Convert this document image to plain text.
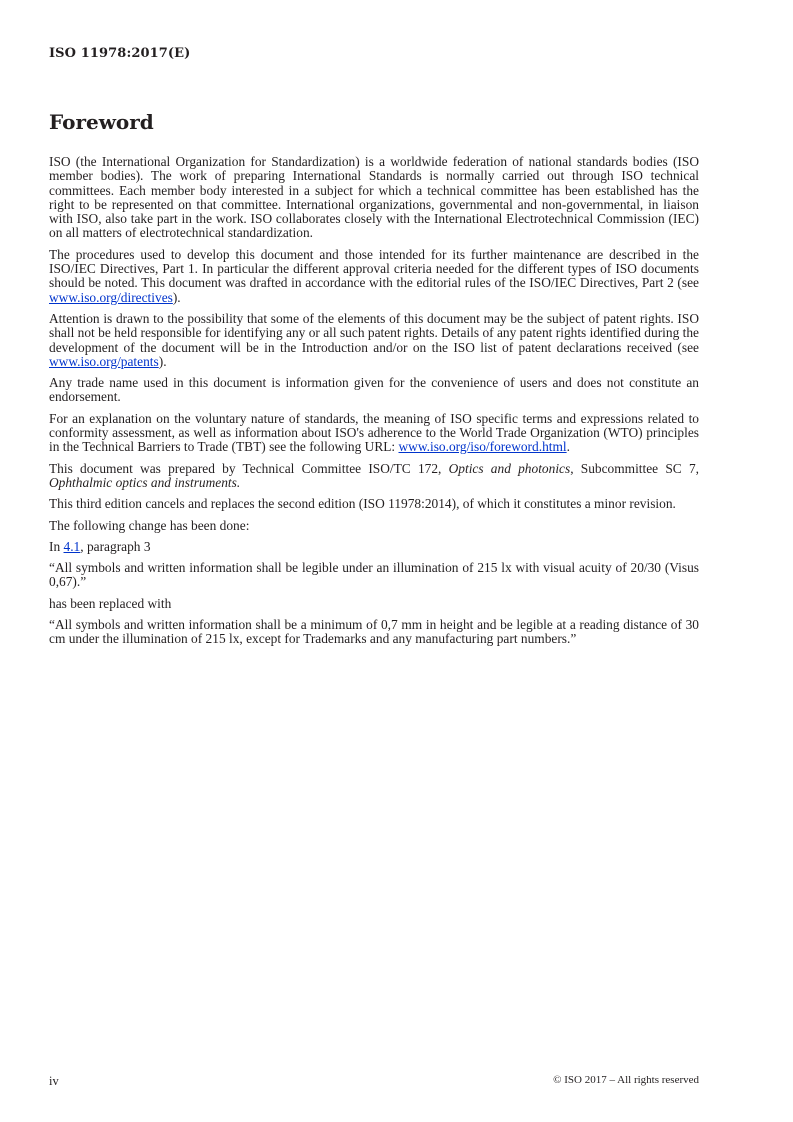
ISO 11978:2017(E)
Foreword

ISO (the International Organization for Standardization) is a worldwide federation of national standards bodies (ISO member bodies). The work of preparing International Standards is normally carried out through ISO technical committees. Each member body interested in a subject for which a technical committee has been established has the right to be represented on that committee. International organizations, governmental and non-governmental, in liaison with ISO, also take part in the work. ISO collaborates closely with the International Electrotechnical Commission (IEC) on all matters of electrotechnical standardization.

The procedures used to develop this document and those intended for its further maintenance are described in the ISO/IEC Directives, Part 1. In particular the different approval criteria needed for the different types of ISO documents should be noted. This document was drafted in accordance with the editorial rules of the ISO/IEC Directives, Part 2 (see www.iso.org/directives).

Attention is drawn to the possibility that some of the elements of this document may be the subject of patent rights. ISO shall not be held responsible for identifying any or all such patent rights. Details of any patent rights identified during the development of the document will be in the Introduction and/or on the ISO list of patent declarations received (see www.iso.org/patents).

Any trade name used in this document is information given for the convenience of users and does not constitute an endorsement.

For an explanation on the voluntary nature of standards, the meaning of ISO specific terms and expressions related to conformity assessment, as well as information about ISO's adherence to the World Trade Organization (WTO) principles in the Technical Barriers to Trade (TBT) see the following URL: www.iso.org/iso/foreword.html.

This document was prepared by Technical Committee ISO/TC 172, Optics and photonics, Subcommittee SC 7, Ophthalmic optics and instruments.

This third edition cancels and replaces the second edition (ISO 11978:2014), of which it constitutes a minor revision.

The following change has been done:

In 4.1, paragraph 3

“All symbols and written information shall be legible under an illumination of 215 lx with visual acuity of 20/30 (Visus 0,67).”

has been replaced with

“All symbols and written information shall be a minimum of 0,7 mm in height and be legible at a reading distance of 30 cm under the illumination of 215 lx, except for Trademarks and any manufacturing part numbers.”

iv	© ISO 2017 – All rights reserved
